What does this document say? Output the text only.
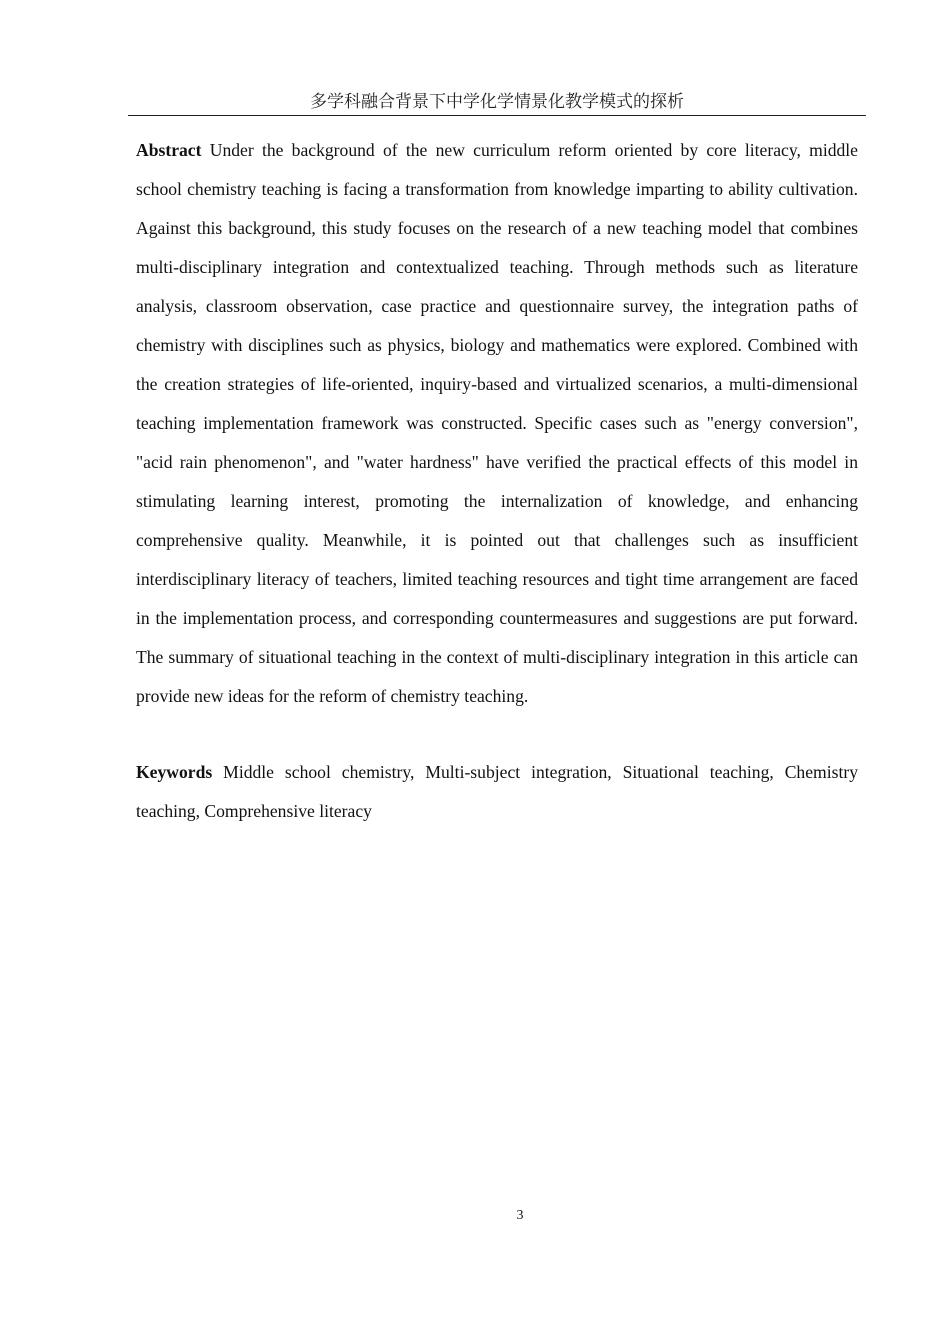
多学科融合背景下中学化学情景化教学模式的探析

Abstract Under the background of the new curriculum reform oriented by core literacy, middle school chemistry teaching is facing a transformation from knowledge imparting to ability cultivation. Against this background, this study focuses on the research of a new teaching model that combines multi-disciplinary integration and contextualized teaching. Through methods such as literature analysis, classroom observation, case practice and questionnaire survey, the integration paths of chemistry with disciplines such as physics, biology and mathematics were explored. Combined with the creation strategies of life-oriented, inquiry-based and virtualized scenarios, a multi-dimensional teaching implementation framework was constructed. Specific cases such as "energy conversion", "acid rain phenomenon", and "water hardness" have verified the practical effects of this model in stimulating learning interest, promoting the internalization of knowledge, and enhancing comprehensive quality. Meanwhile, it is pointed out that challenges such as insufficient interdisciplinary literacy of teachers, limited teaching resources and tight time arrangement are faced in the implementation process, and corresponding countermeasures and suggestions are put forward. The summary of situational teaching in the context of multi-disciplinary integration in this article can provide new ideas for the reform of chemistry teaching.

Keywords Middle school chemistry, Multi-subject integration, Situational teaching, Chemistry teaching, Comprehensive literacy

3
